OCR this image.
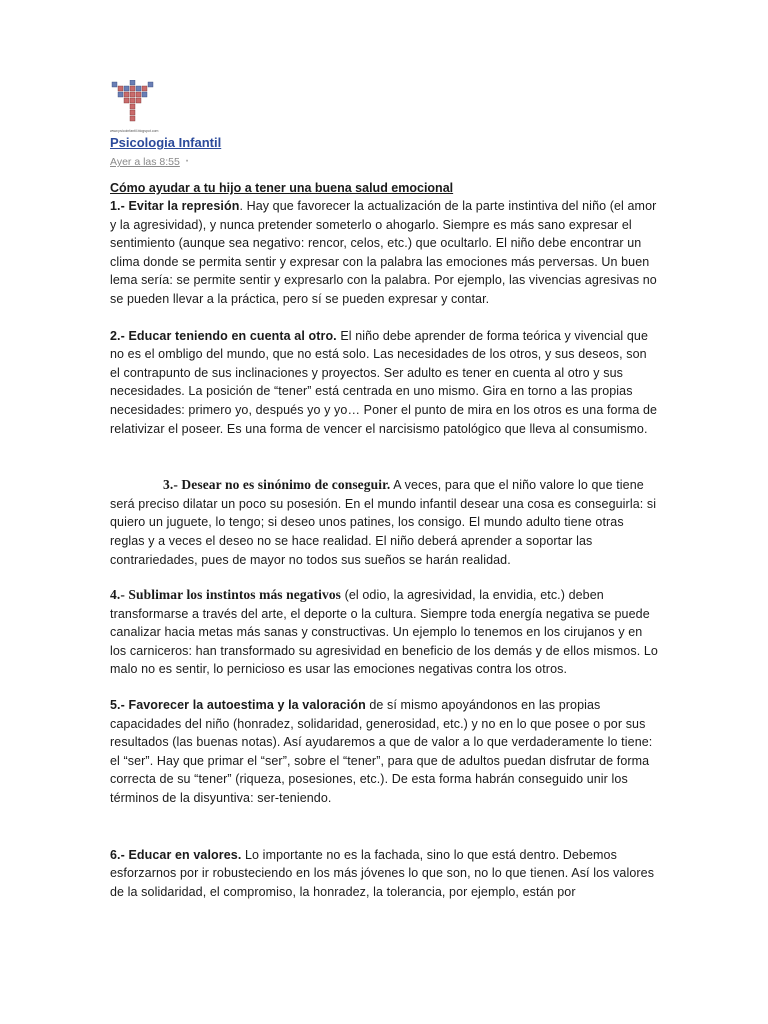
www.psicoinfantil.blogspot.com
Psicologia Infantil
Ayer a las 8:55 ·
Cómo ayudar a tu hijo a tener una buena salud emocional

1.- Evitar la represión. Hay que favorecer la actualización de la parte instintiva del niño (el amor y la agresividad), y nunca pretender someterlo o ahogarlo. Siempre es más sano expresar el sentimiento (aunque sea negativo: rencor, celos, etc.) que ocultarlo. El niño debe encontrar un clima donde se permita sentir y expresar con la palabra las emociones más perversas. Un buen lema sería: se permite sentir y expresarlo con la palabra. Por ejemplo, las vivencias agresivas no se pueden llevar a la práctica, pero sí se pueden expresar y contar.

2.- Educar teniendo en cuenta al otro. El niño debe aprender de forma teórica y vivencial que no es el ombligo del mundo, que no está solo. Las necesidades de los otros, y sus deseos, son el contrapunto de sus inclinaciones y proyectos. Ser adulto es tener en cuenta al otro y sus necesidades. La posición de “tener” está centrada en uno mismo. Gira en torno a las propias necesidades: primero yo, después yo y yo… Poner el punto de mira en los otros es una forma de relativizar el poseer. Es una forma de vencer el narcisismo patológico que lleva al consumismo.

3.- Desear no es sinónimo de conseguir. A veces, para que el niño valore lo que tiene será preciso dilatar un poco su posesión. En el mundo infantil desear una cosa es conseguirla: si quiero un juguete, lo tengo; si deseo unos patines, los consigo. El mundo adulto tiene otras reglas y a veces el deseo no se hace realidad. El niño deberá aprender a soportar las contrariedades, pues de mayor no todos sus sueños se harán realidad.

4.- Sublimar los instintos más negativos (el odio, la agresividad, la envidia, etc.) deben transformarse a través del arte, el deporte o la cultura. Siempre toda energía negativa se puede canalizar hacia metas más sanas y constructivas. Un ejemplo lo tenemos en los cirujanos y en los carniceros: han transformado su agresividad en beneficio de los demás y de ellos mismos. Lo malo no es sentir, lo pernicioso es usar las emociones negativas contra los otros.

5.- Favorecer la autoestima y la valoración de sí mismo apoyándonos en las propias capacidades del niño (honradez, solidaridad, generosidad, etc.) y no en lo que posee o por sus resultados (las buenas notas). Así ayudaremos a que de valor a lo que verdaderamente lo tiene: el “ser”. Hay que primar el “ser”, sobre el “tener”, para que de adultos puedan disfrutar de forma correcta de su “tener” (riqueza, posesiones, etc.). De esta forma habrán conseguido unir los términos de la disyuntiva: ser-teniendo.

6.- Educar en valores. Lo importante no es la fachada, sino lo que está dentro. Debemos esforzarnos por ir robusteciendo en los más jóvenes lo que son, no lo que tienen. Así los valores de la solidaridad, el compromiso, la honradez, la tolerancia, por ejemplo, están por
